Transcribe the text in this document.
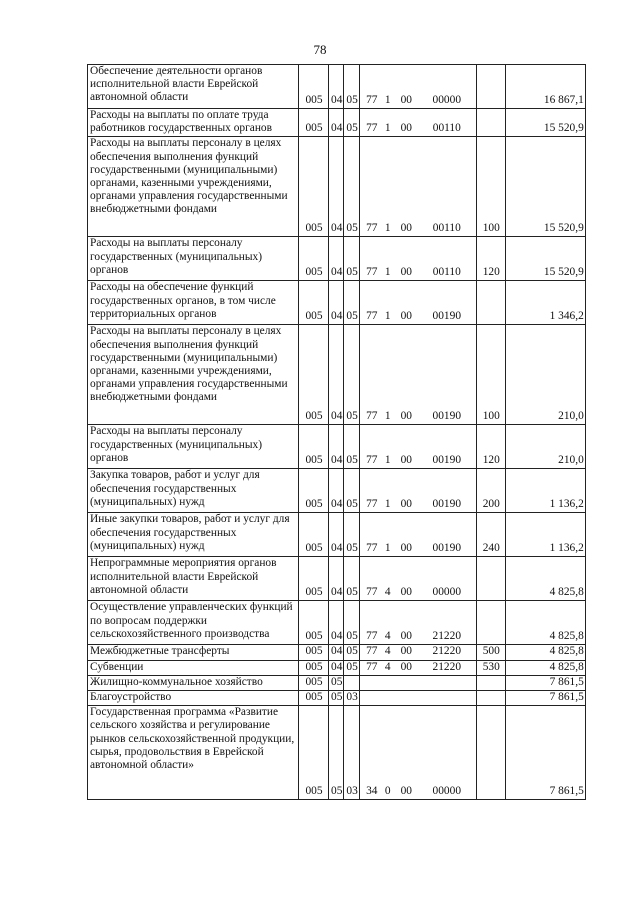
78
Обеспечение деятельности органов исполнительной власти Еврейской автономной области	005	04	05	77 1 00 00000		16 867,1
Расходы на выплаты по оплате труда работников государственных органов	005	04	05	77 1 00 00110		15 520,9
Расходы на выплаты персоналу в целях обеспечения выполнения функций государственными (муниципальными) органами, казенными учреждениями, органами управления государственными внебюджетными фондами	005	04	05	77 1 00 00110	100	15 520,9
Расходы на выплаты персоналу государственных (муниципальных) органов	005	04	05	77 1 00 00110	120	15 520,9
Расходы на обеспечение функций государственных органов, в том числе территориальных органов	005	04	05	77 1 00 00190		1 346,2
Расходы на выплаты персоналу в целях обеспечения выполнения функций государственными (муниципальными) органами, казенными учреждениями, органами управления государственными внебюджетными фондами	005	04	05	77 1 00 00190	100	210,0
Расходы на выплаты персоналу государственных (муниципальных) органов	005	04	05	77 1 00 00190	120	210,0
Закупка товаров, работ и услуг для обеспечения государственных (муниципальных) нужд	005	04	05	77 1 00 00190	200	1 136,2
Иные закупки товаров, работ и услуг для обеспечения государственных (муниципальных) нужд	005	04	05	77 1 00 00190	240	1 136,2
Непрограммные мероприятия органов исполнительной власти Еврейской автономной области	005	04	05	77 4 00 00000		4 825,8
Осуществление управленческих функций по вопросам поддержки сельскохозяйственного производства	005	04	05	77 4 00 21220		4 825,8
Межбюджетные трансферты	005	04	05	77 4 00 21220	500	4 825,8
Субвенции	005	04	05	77 4 00 21220	530	4 825,8
Жилищно-коммунальное хозяйство	005	05				7 861,5
Благоустройство	005	05	03			7 861,5
Государственная программа «Развитие сельского хозяйства и регулирование рынков сельскохозяйственной продукции, сырья, продовольствия в Еврейской автономной области»	005	05	03	34 0 00 00000		7 861,5
